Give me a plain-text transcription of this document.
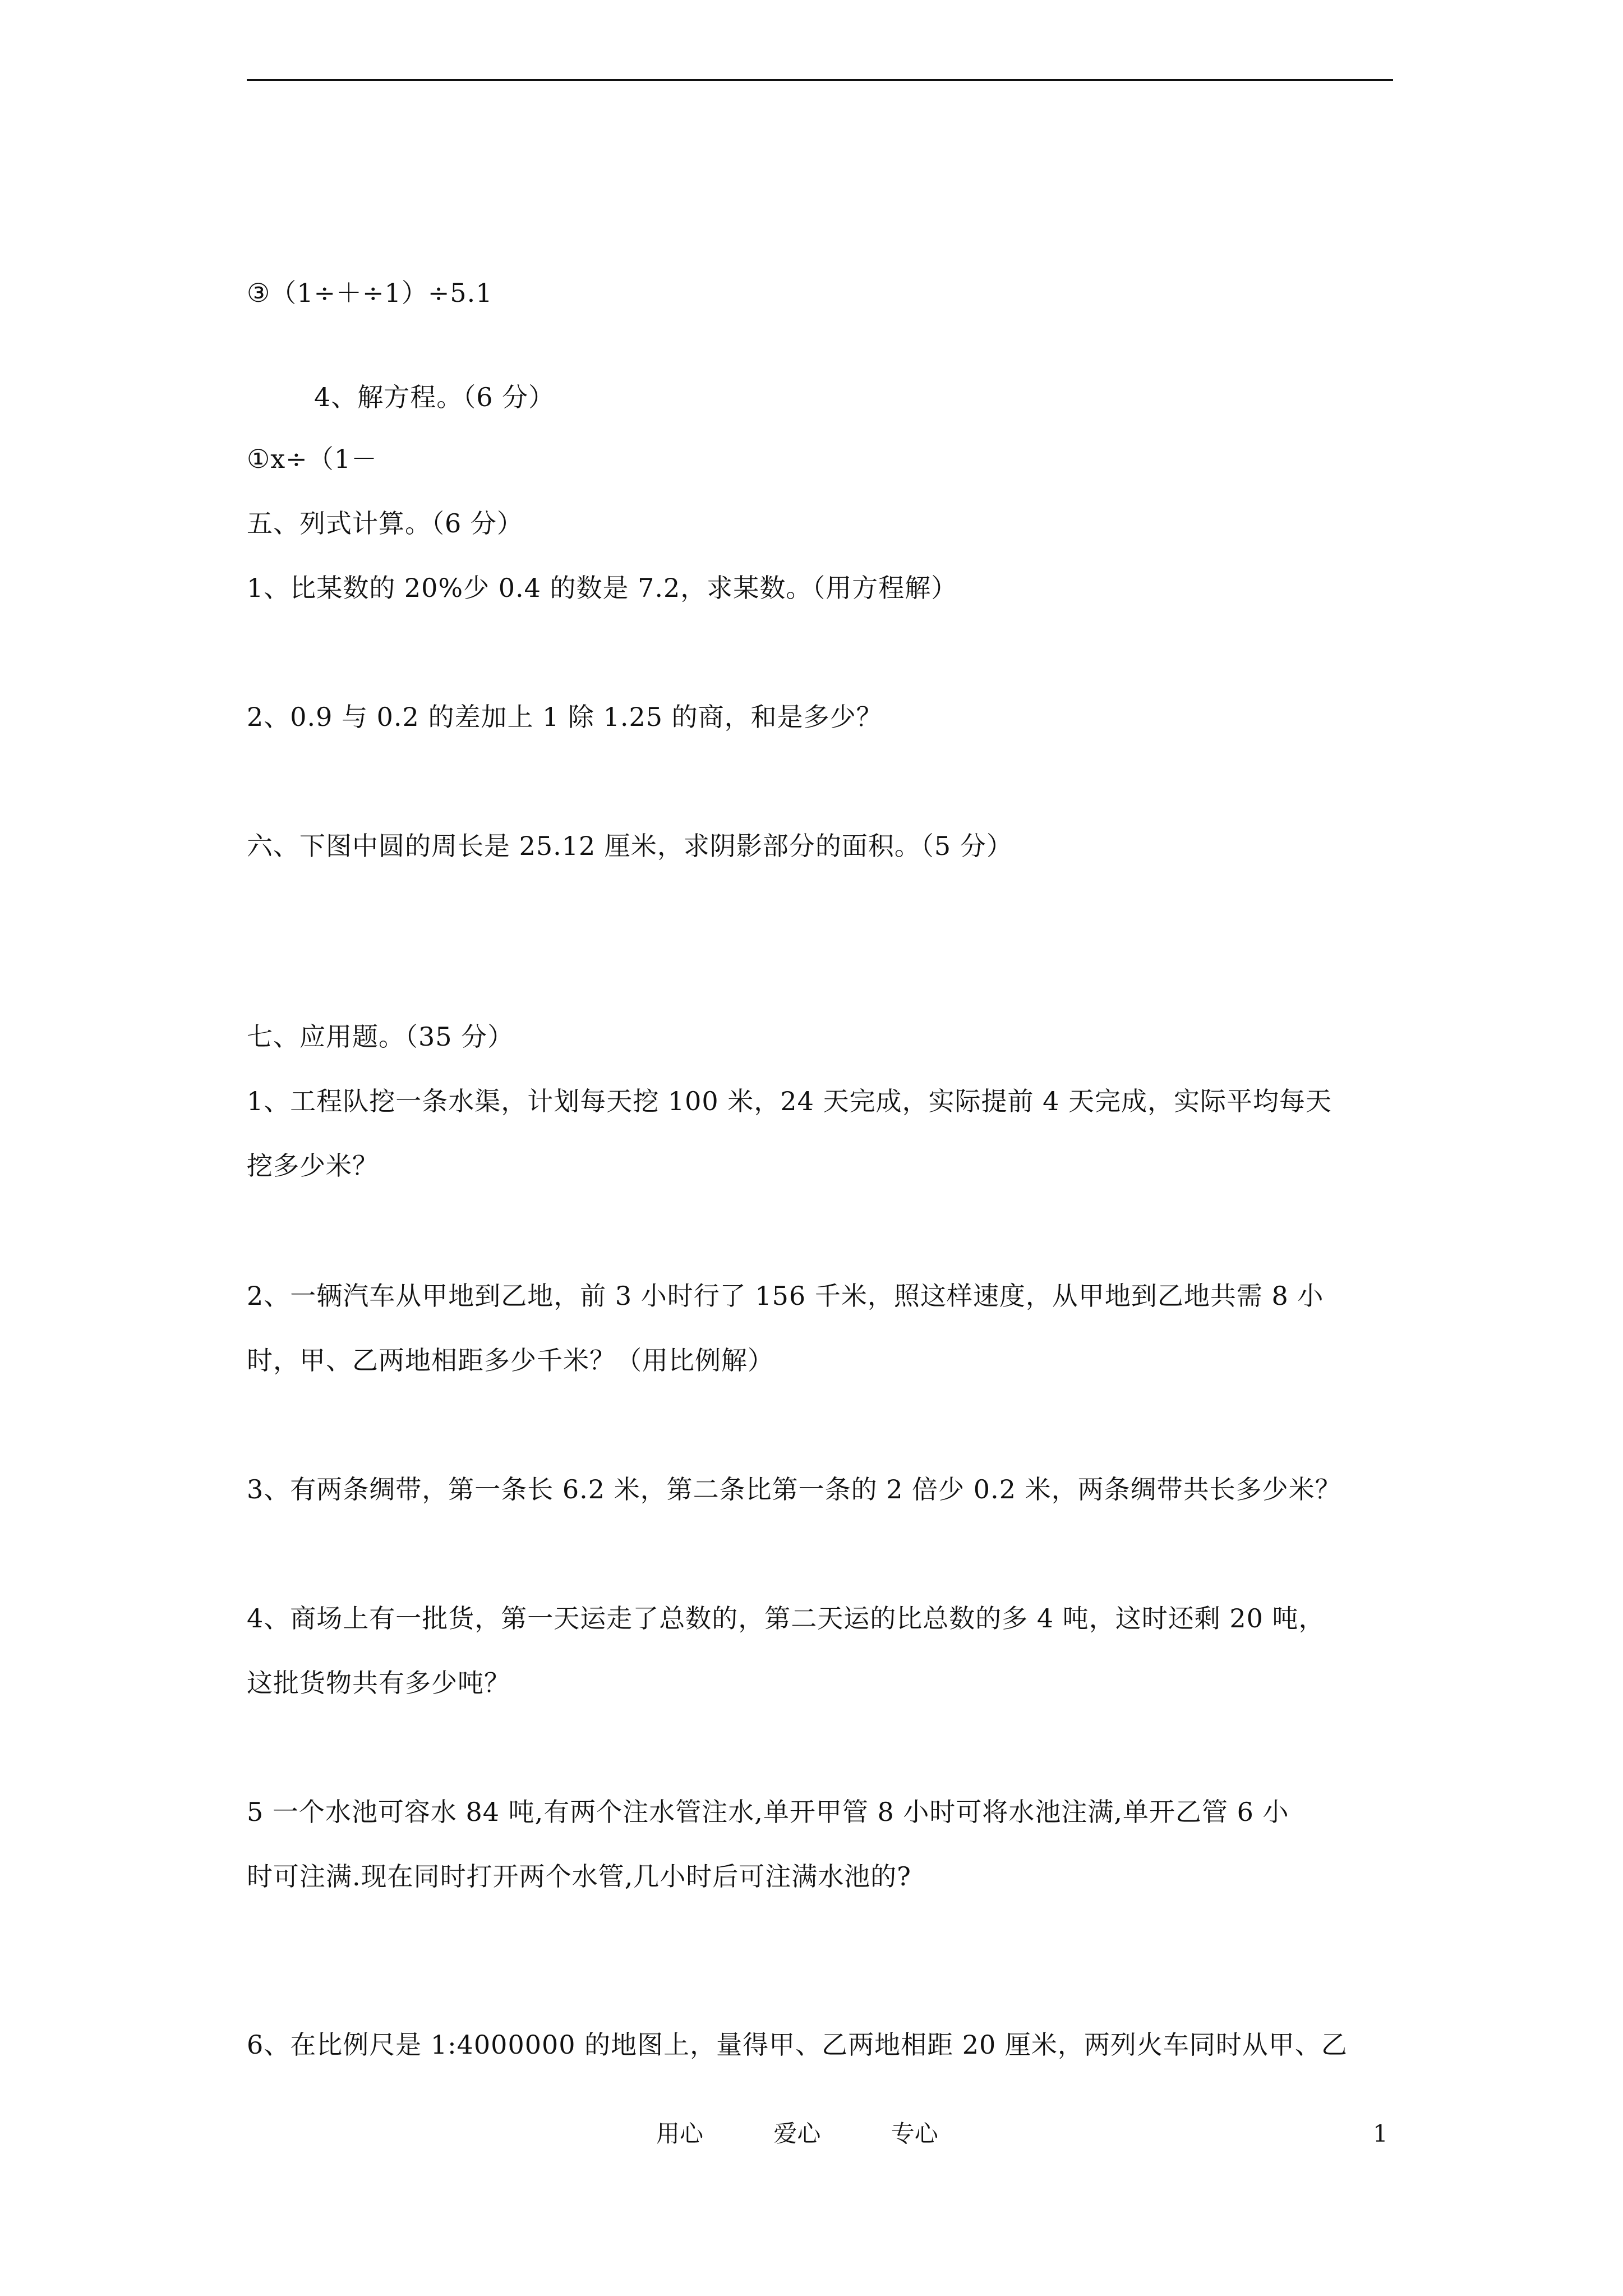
③（1÷＋÷1）÷5.1
4、解方程。（6 分）
①x÷（1－
五、列式计算。（6 分）
1、比某数的 20%少 0.4 的数是 7.2，求某数。（用方程解）
2、0.9 与 0.2 的差加上 1 除 1.25 的商，和是多少？
六、下图中圆的周长是 25.12 厘米，求阴影部分的面积。（5 分）
七、应用题。（35 分）
1、工程队挖一条水渠，计划每天挖 100 米，24 天完成，实际提前 4 天完成，实际平均每天
挖多少米？
2、一辆汽车从甲地到乙地，前 3 小时行了 156 千米，照这样速度，从甲地到乙地共需 8 小
时，甲、乙两地相距多少千米？（用比例解）
3、有两条绸带，第一条长 6.2 米，第二条比第一条的 2 倍少 0.2 米，两条绸带共长多少米？
4、商场上有一批货，第一天运走了总数的，第二天运的比总数的多 4 吨，这时还剩 20 吨，
这批货物共有多少吨？
5 一个水池可容水 84 吨,有两个注水管注水,单开甲管 8 小时可将水池注满,单开乙管 6 小
时可注满.现在同时打开两个水管,几小时后可注满水池的?
6、在比例尺是 1:4000000 的地图上，量得甲、乙两地相距 20 厘米，两列火车同时从甲、乙
用心	爱心	专心	1
